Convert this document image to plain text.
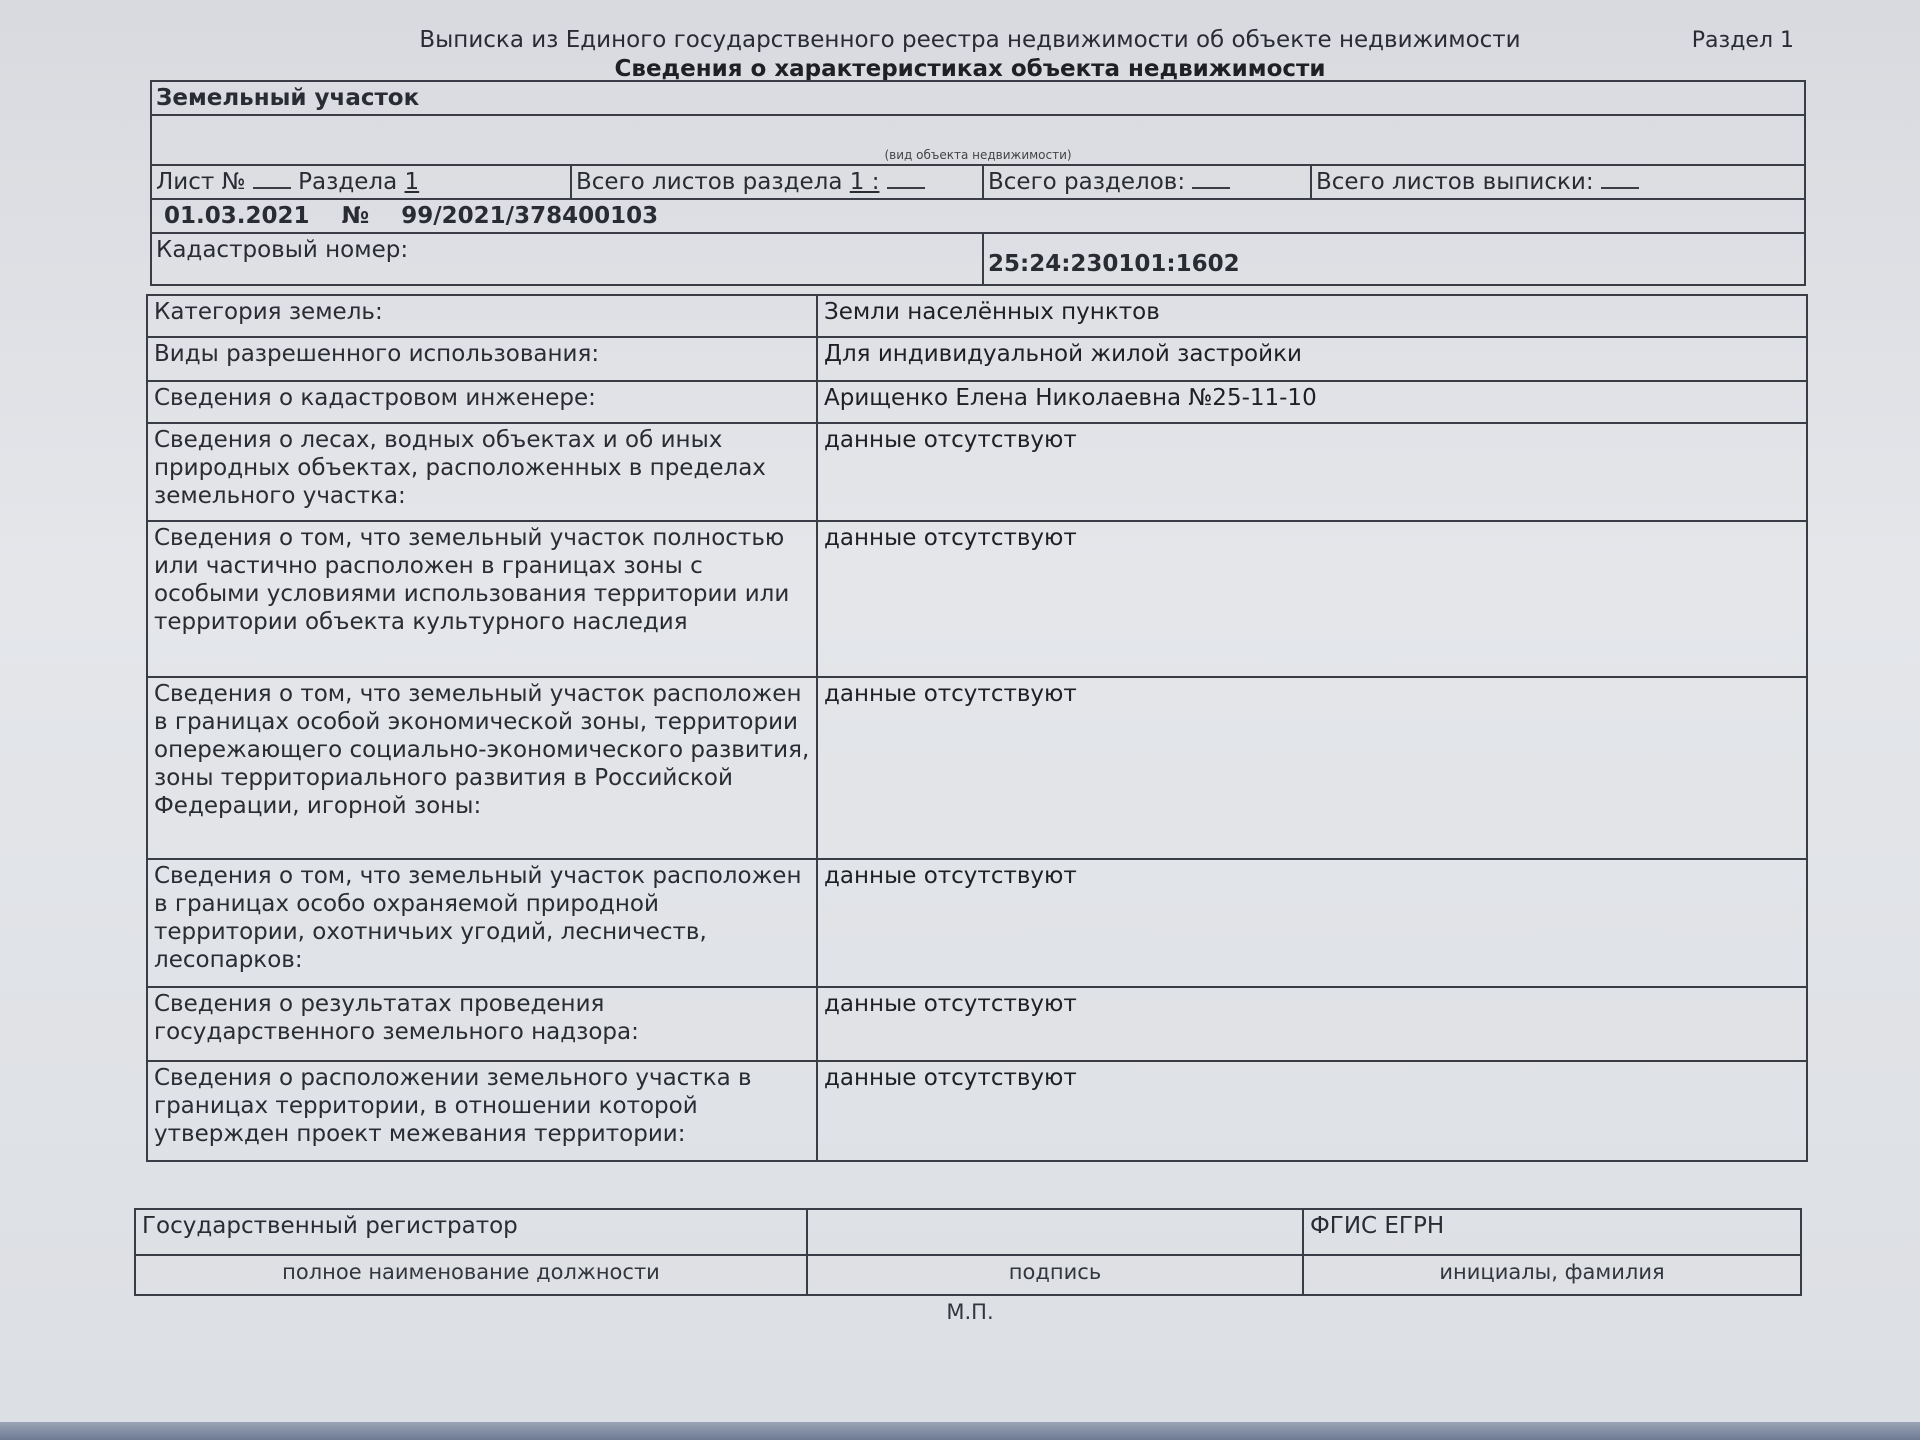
Раздел 1
Выписка из Единого государственного реестра недвижимости об объекте недвижимости
Сведения о характеристиках объекта недвижимости
Земельный участок			

(вид объекта недвижимости)			

Лист № Раздела 1	Всего листов раздела 1 :	Всего разделов:	Всего листов выписки:
01.03.2021 № 99/2021/378400103			
Кадастровый номер:		25:24:230101:1602	
Категория земель:	Земли населённых пунктов
Виды разрешенного использования:	Для индивидуальной жилой застройки
Сведения о кадастровом инженере:	Арищенко Елена Николаевна №25-11-10
Сведения о лесах, водных объектах и об иных природных объектах, расположенных в пределах земельного участка:	данные отсутствуют
Сведения о том, что земельный участок полностью или частично расположен в границах зоны с особыми условиями использования территории или территории объекта культурного наследия	данные отсутствуют
Сведения о том, что земельный участок расположен в границах особой экономической зоны, территории опережающего социально-экономического развития, зоны территориального развития в Российской Федерации, игорной зоны:	данные отсутствуют
Сведения о том, что земельный участок расположен в границах особо охраняемой природной территории, охотничьих угодий, лесничеств, лесопарков:	данные отсутствуют
Сведения о результатах проведения государственного земельного надзора:	данные отсутствуют
Сведения о расположении земельного участка в границах территории, в отношении которой утвержден проект межевания территории:	данные отсутствуют
Государственный регистратор		ФГИС ЕГРН
полное наименование должности	подпись	инициалы, фамилия
М.П.
